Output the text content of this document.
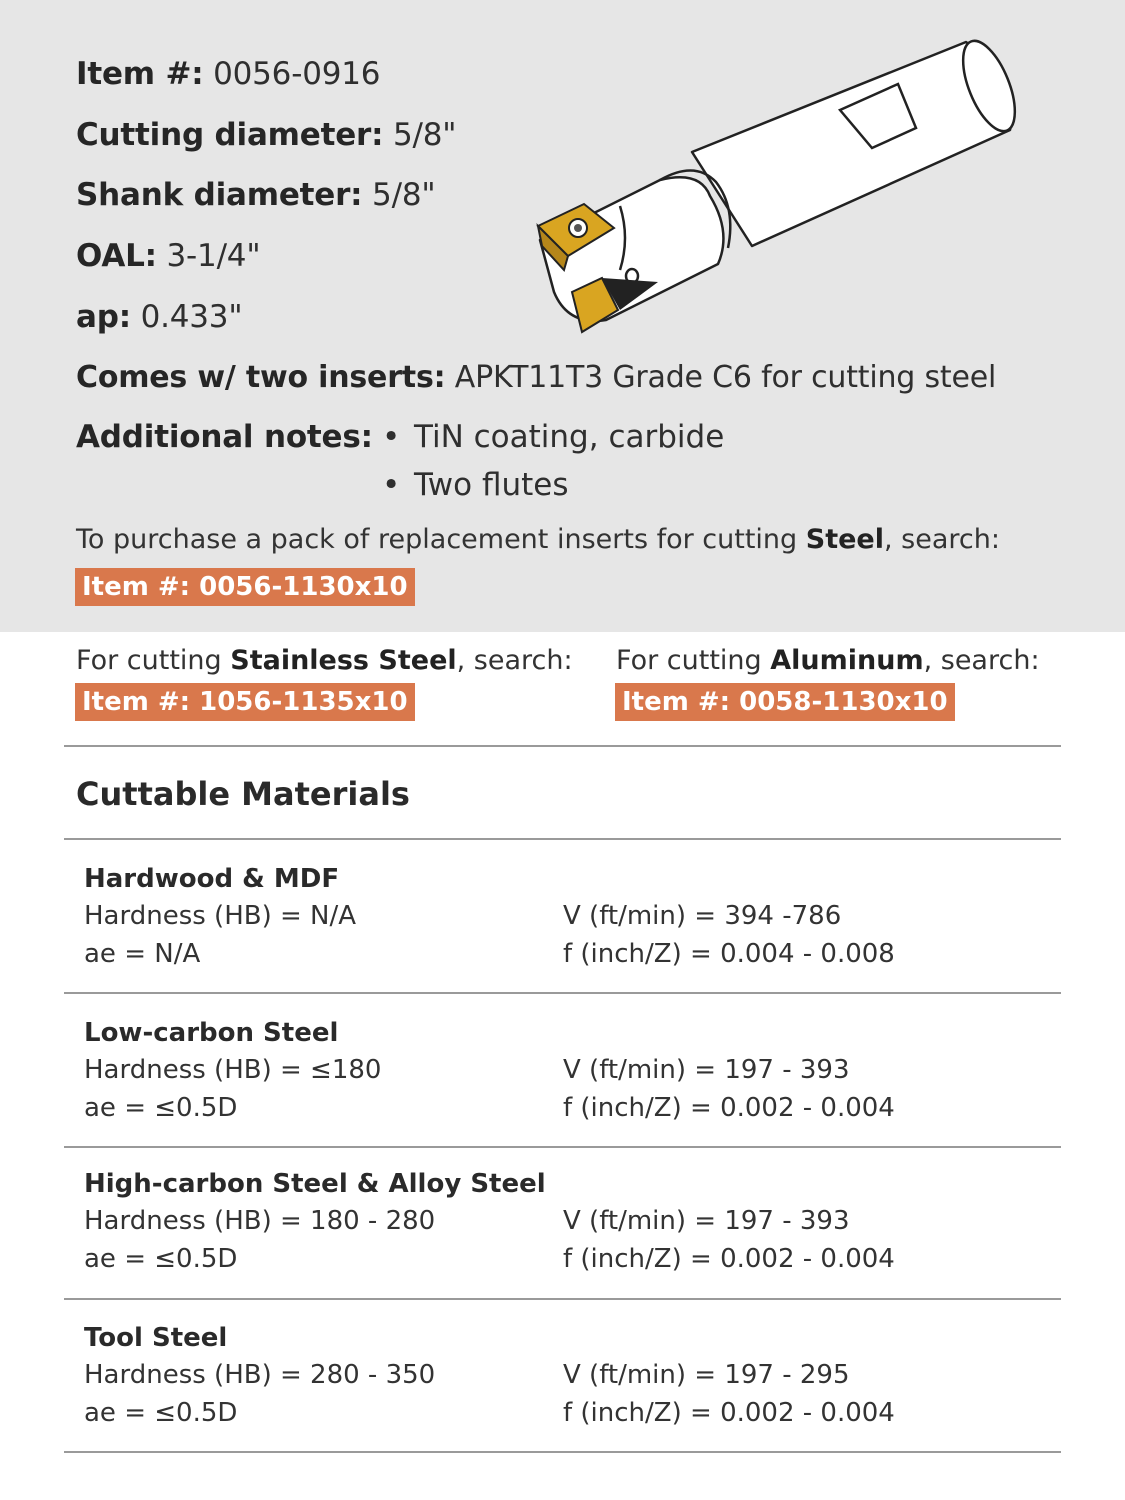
Item #: 0056-0916
Cutting diameter: 5/8"
Shank diameter: 5/8"
OAL: 3-1/4"
ap: 0.433"
Comes w/ two inserts: APKT11T3 Grade C6 for cutting steel
Additional notes: • TiN coating, carbide
• Two flutes
To purchase a pack of replacement inserts for cutting Steel, search:
Item #: 0056-1130x10
For cutting Stainless Steel, search:
Item #: 1056-1135x10
For cutting Aluminum, search:
Item #: 0058-1130x10
Cuttable Materials
Hardwood & MDF
Hardness (HB) = N/A
ae = N/A
V (ft/min) = 394 -786
f (inch/Z) = 0.004 - 0.008
Low-carbon Steel
Hardness (HB) = ≤180
ae = ≤0.5D
V (ft/min) = 197 - 393
f (inch/Z) = 0.002 - 0.004
High-carbon Steel & Alloy Steel
Hardness (HB) = 180 - 280
ae = ≤0.5D
V (ft/min) = 197 - 393
f (inch/Z) = 0.002 - 0.004
Tool Steel
Hardness (HB) = 280 - 350
ae = ≤0.5D
V (ft/min) = 197 - 295
f (inch/Z) = 0.002 - 0.004
